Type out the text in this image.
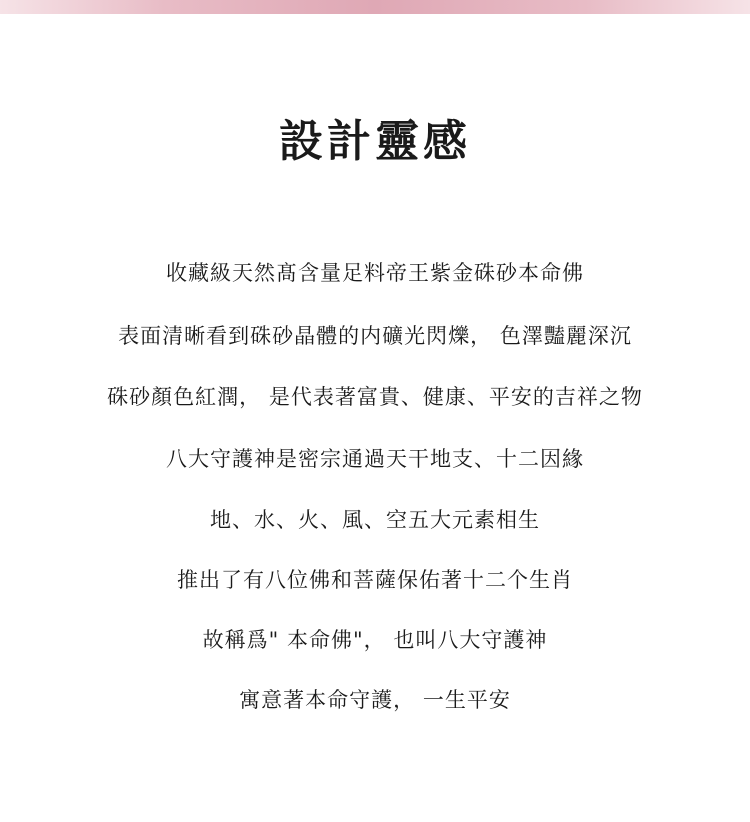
設計靈感
收藏級天然髙含量足料帝王紫金硃砂本命佛
表面清晰看到硃砂晶體的内礦光閃爍， 色澤豔麗深沉
硃砂顏色紅潤， 是代表著富貴、健康、平安的吉祥之物
八大守護神是密宗通過天干地支、十二因緣
地、水、火、風、空五大元素相生
推出了有八位佛和菩薩保佑著十二个生肖
故稱爲" 本命佛"， 也叫八大守護神
寓意著本命守護， 一生平安
